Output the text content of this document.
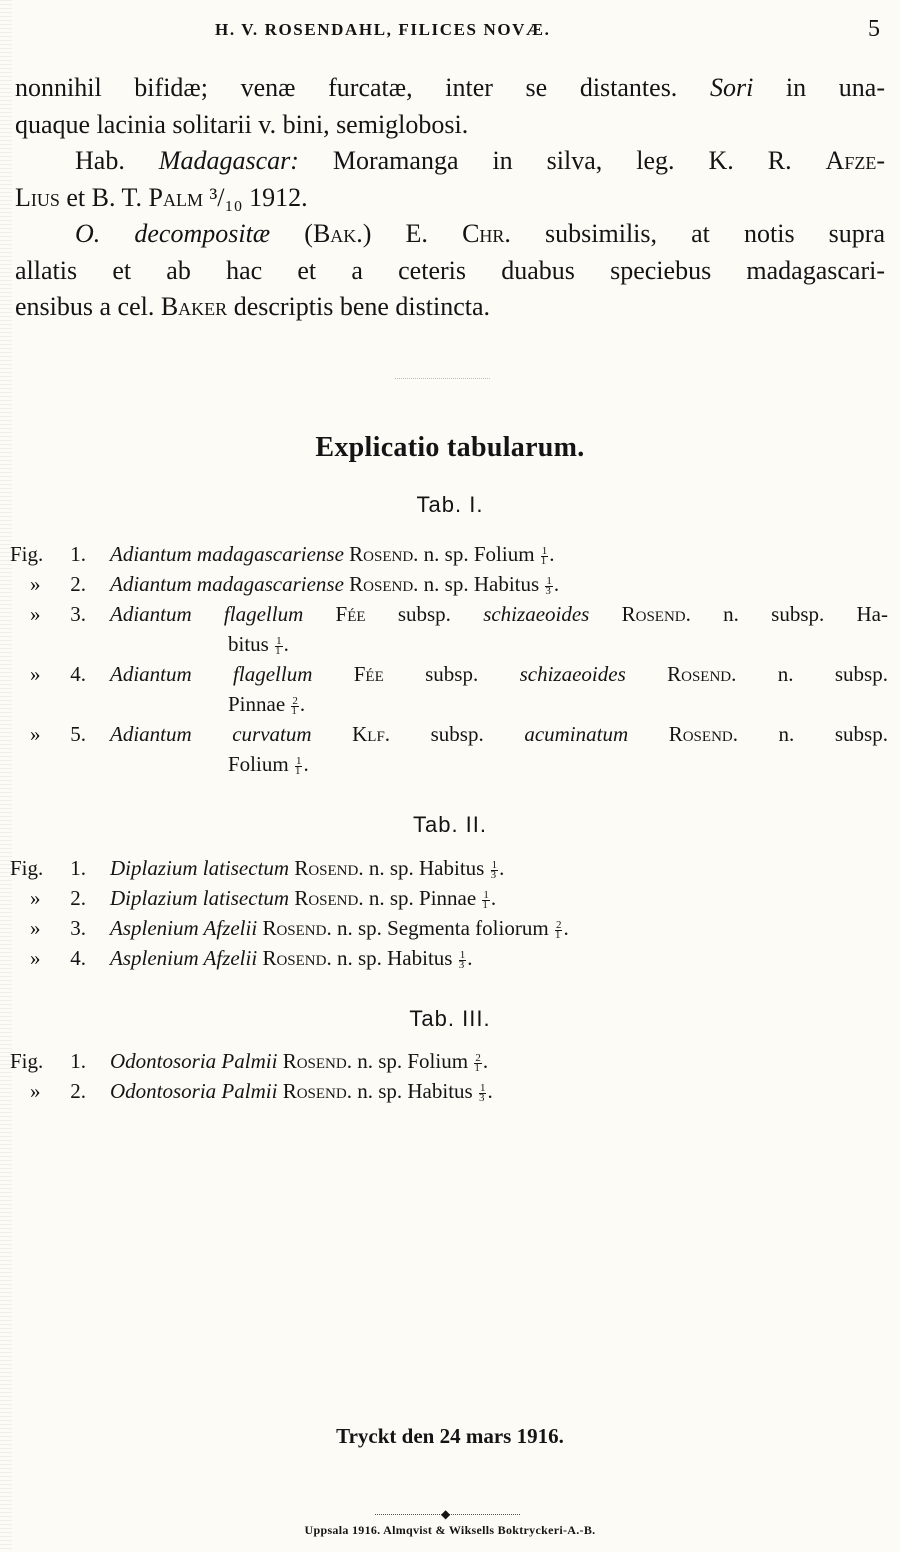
H. V. ROSENDAHL, FILICES NOVÆ.	5
nonnihil bifidæ; venæ furcatæ, inter se distantes. Sori in una-
quaque lacinia solitarii v. bini, semiglobosi.
Hab. Madagascar: Moramanga in silva, leg. K. R. Afze-
Lius et B. T. Palm ³/₁₀ 1912.
O. decompositæ (Bak.) E. Chr. subsimilis, at notis supra
allatis et ab hac et a ceteris duabus speciebus madagascari-
ensibus a cel. Baker descriptis bene distincta.
Explicatio tabularum.
Tab. I.
Fig.	1. Adiantum madagascariense Rosend. n. sp. Folium $\frac{1}{1}$ .
»	2. Adiantum madagascariense Rosend. n. sp. Habitus $\frac{1}{3}$ .
»	3. Adiantum flagellum Fée subsp. schizaeoides Rosend. n. subsp. Ha-
bitus $\frac{1}{1}$ .
»	4. Adiantum flagellum Fée subsp. schizaeoides Rosend. n. subsp.
Pinnae $\frac{2}{1}$ .
»	5. Adiantum curvatum Klf. subsp. acuminatum Rosend. n. subsp.
Folium $\frac{1}{1}$ .
Tab. II.
Fig.	1. Diplazium latisectum Rosend. n. sp. Habitus $\frac{1}{3}$ .
»	2. Diplazium latisectum Rosend. n. sp. Pinnae $\frac{1}{1}$ .
»	3. Asplenium Afzelii Rosend. n. sp. Segmenta foliorum $\frac{2}{1}$ .
»	4. Asplenium Afzelii Rosend. n. sp. Habitus $\frac{1}{3}$ .
Tab. III.
Fig.	1. Odontosoria Palmii Rosend. n. sp. Folium $\frac{2}{1}$ .
»	2. Odontosoria Palmii Rosend. n. sp. Habitus $\frac{1}{3}$ .
◆
Tryckt den 24 mars 1916.
Uppsala 1916. Almqvist & Wiksells Boktryckeri-A.-B.
